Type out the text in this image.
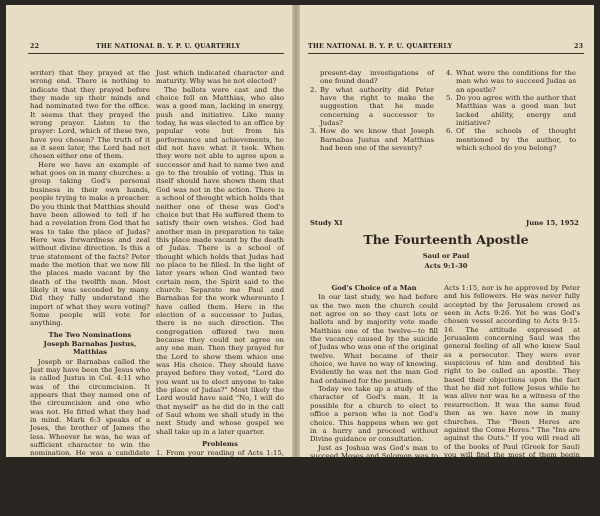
22	THE NATIONAL B. Y. P. U. QUARTERLY

writer) that they prayed at the wrong end. There is nothing to indicate that they prayed before they made up their minds and had nominated two for the office. It seems that they prayed the wrong prayer. Listen to the prayer: Lord, which of these two, have you chosen? The truth of it as it seen later, the Lord had not chosen either one of them.

Here we have an example of what goes on in many churches: a group taking God's personal business in their own hands, people trying to make a preacher. Do you think that Matthias should have been allowed to tell if he had a revelation from God that he was to take the place of Judas? Here was forwardness and zeal without divine direction. Is this a true statement of the facts? Peter made the motion that we now fill the places made vacant by the death of the twelfth man. Most likely it was seconded by many. Did they fully understand the import of what they were voting? Some people will vote for anything.

The Two Nominations
Joseph Barnabas Justus, Matthias

Joseph or Barnabas called the Just may have been the Jesus who is called Justus in Col. 4:11 who was of the circumcision. It appears that they named one of the circumcision and one who was not. He fitted what they had in mind. Mark 6:3 speaks of a Joses, the brother of James the less. Whoever he was, he was of sufficient character to win the nomination. He was a candidate and made a good run but failed of election. Here is the beginning of factions.

The voting was fair. Each voted as he felt. Was Joseph the better of the two men? He was called the

Just which indicated character and maturity. Why was he not elected?

The ballots were cast and the choice fell on Matthias, who also was a good man, lacking in energy, push and initiative. Like many today, he was elected to an office by popular vote but from his performance and achievements, he did not have what it took. When they were not able to agree upon a successor and had to name two and go to the trouble of voting. This in itself should have shown them that God was not in the action. There is a school of thought which holds that neither one of these was God's choice but that He suffered them to satisfy their own wishes. God had another man in preparation to take this place made vacant by the death of Judas. There is a school of thought which holds that Judas had no place to be filled. In the light of later years when God wanted two certain men, the Spirit said to the church: Separate me Paul and Barnabas for the work whereunto I have called them. Here in the election of a successor to Judas, there is no such direction. The congregation offered two men because they could not agree on any one man. Then they prayed for the Lord to show them whice one was His choice. They should have prayed before they voted, "Lord do you want us to elect anyone to take the place of Judas?" Most likely the Lord would have said "No, I will do that myself" as he did do in the call of Saul whom we shall study in the next Study and whose gospel we shall take up in a later quarter.

Problems
1. From your reading of Acts 1:15, what condition did they find the body of Judas and what was the coroner's verdict in the light of
THE NATIONAL B. Y. P. U. QUARTERLY	23
present-day investigations of one found dead?
2. By what authority did Peter have the right to make the suggestion that he made concerning a successor to Judas?
3. How do we know that Joseph Barnabas Justus and Matthias had been one of the seventy?
4. What were the conditions for the man who was to succeed Judas as an apostle?
5. Do you agree with the author that Matthias was a good man but lacked ability, energy and initiative?
6. Of the schools of thought mentioned by the author, to which school do you belong?
Study XI	June 15, 1952
The Fourteenth Apostle
Saul or Paul
Acts 9:1-30
God's Choice of a Man

In our last study, we had before us the two men the church could not agree on so they cast lots or ballots and by majority vote made Matthias one of the twelve—to fill the vacancy caused by the suicide of Judas who was one of the original twelve. What became of their choice, we have no way of knowing. Evidently he was not the man God had ordained for the position.

Today we take up a study of the character of God's man. It is possible for a church to elect to office a person who is not God's choice. This happens when we get in a hurry and proceed without Divine guidance or consultation.

Just as Joshua was God's man to succeed Moses and Solomon was to succeed David, so was Saul to take up the apostleship left vacant by the death of Judas. He does not meet the qualifications set by Peter in

Acts 1:15, nor is he approved by Peter and his followers. He was never fully accepted by the Jerusalem crowd as seen in Acts 9:26. Yet he was God's chosen vessel according to Acts 9:15-16. The attitude expressed at Jerusalem concerning Saul was the general feeling of all who knew Saul as a persecutor. They were ever suspicious of him and doubted his right to be called an apostle. They based their objections upon the fact that he did not follow Jesus while he was alive nor was he a witness of the resurrection. It was the same feud then as we have now in many churches. The "Been Heres are against the Come Heres." The "Ins are against the Outs." If you will read all of the books of Paul (Greek for Saul) you will find the most of them begin with "Paul, a servant of Jesus Christ, called to be an apostle." Rom. 1:1. I Cor. 1:1. II Cor. 1:1. Gal. 1:1 Paul, an apostle (not from men, neither through
